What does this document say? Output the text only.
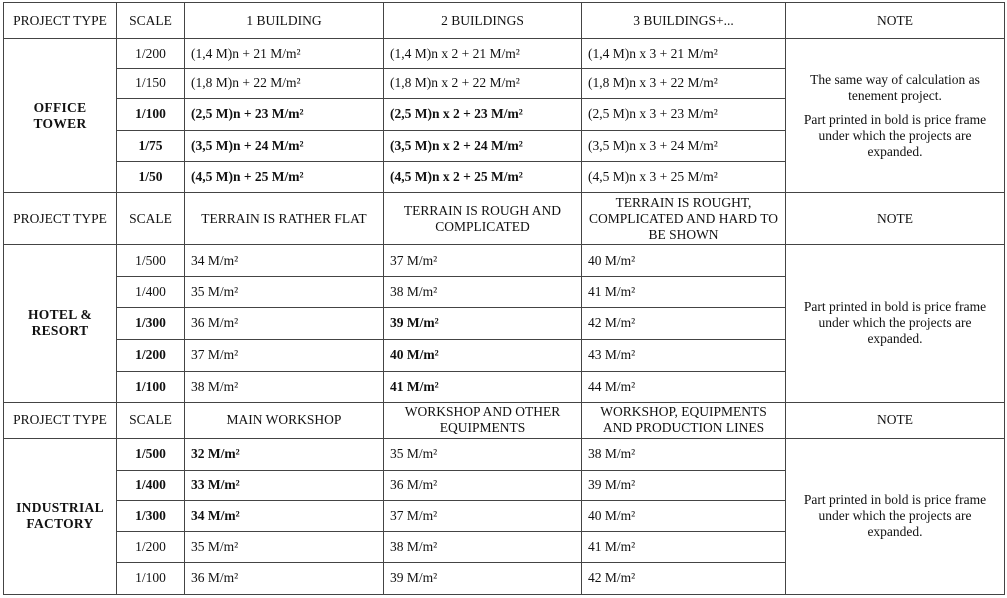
PROJECT TYPE	SCALE	1 BUILDING	2 BUILDINGS	3 BUILDINGS+...	NOTE
OFFICE TOWER	1/200	(1,4 M)n + 21 M/m²	(1,4 M)n x 2 + 21 M/m²	(1,4 M)n x 3 + 21 M/m²	The same way of calculation as tenement project.

Part printed in bold is price frame under which the projects are expanded.

	1/150	(1,8 M)n + 22 M/m²	(1,8 M)n x 2 + 22 M/m²	(1,8 M)n x 3 + 22 M/m²	
	1/100	(2,5 M)n + 23 M/m²	(2,5 M)n x 2 + 23 M/m²	(2,5 M)n x 3 + 23 M/m²	
	1/75	(3,5 M)n + 24 M/m²	(3,5 M)n x 2 + 24 M/m²	(3,5 M)n x 3 + 24 M/m²	
	1/50	(4,5 M)n + 25 M/m²	(4,5 M)n x 2 + 25 M/m²	(4,5 M)n x 3 + 25 M/m²	
PROJECT TYPE	SCALE	TERRAIN IS RATHER FLAT	TERRAIN IS ROUGH AND COMPLICATED	TERRAIN IS ROUGHT, COMPLICATED AND HARD TO BE SHOWN	NOTE
HOTEL & RESORT	1/500	34 M/m²	37 M/m²	40 M/m²	Part printed in bold is price frame under which the projects are expanded.

	1/400	35 M/m²	38 M/m²	41 M/m²	
	1/300	36 M/m²	39 M/m²	42 M/m²	
	1/200	37 M/m²	40 M/m²	43 M/m²	
	1/100	38 M/m²	41 M/m²	44 M/m²	
PROJECT TYPE	SCALE	MAIN WORKSHOP	WORKSHOP AND OTHER EQUIPMENTS	WORKSHOP, EQUIPMENTS AND PRODUCTION LINES	NOTE
INDUSTRIAL FACTORY	1/500	32 M/m²	35 M/m²	38 M/m²	Part printed in bold is price frame under which the projects are expanded.

	1/400	33 M/m²	36 M/m²	39 M/m²	
	1/300	34 M/m²	37 M/m²	40 M/m²	
	1/200	35 M/m²	38 M/m²	41 M/m²	
	1/100	36 M/m²	39 M/m²	42 M/m²	
